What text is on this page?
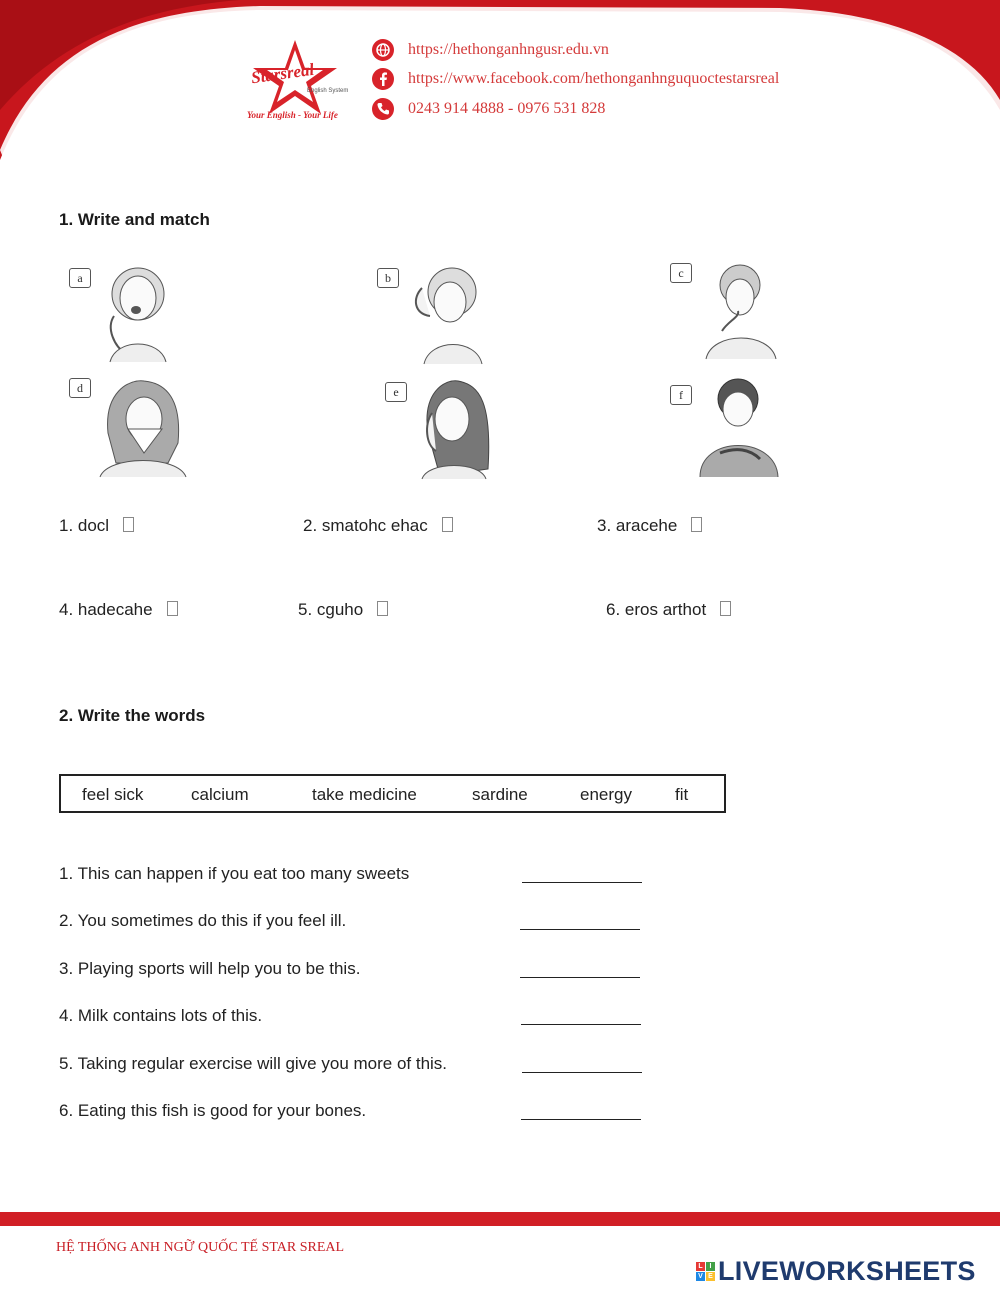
Starsreal
English System
Your English - Your Life
https://hethonganhngusr.edu.vn
https://www.facebook.com/hethonganhnguquoctestarsreal
0243 914 4888 - 0976 531 828
1. Write and match
a	b	c
d	e	f
1. docl	2. smatohc ehac	3. aracehe
4. hadecahe	5. cguho	6. eros arthot
2. Write the words
feel sick	calcium	take medicine	sardine	energy	fit
1. This can happen if you eat too many sweets
2. You sometimes do this if you feel ill.
3. Playing sports will help you to be this.
4. Milk contains lots of this.
5. Taking regular exercise will give you more of this.
6. Eating this fish is good for your bones.
HỆ THỐNG ANH NGỮ QUỐC TẾ STAR SREAL
L I
V E LIVEWORKSHEETS
